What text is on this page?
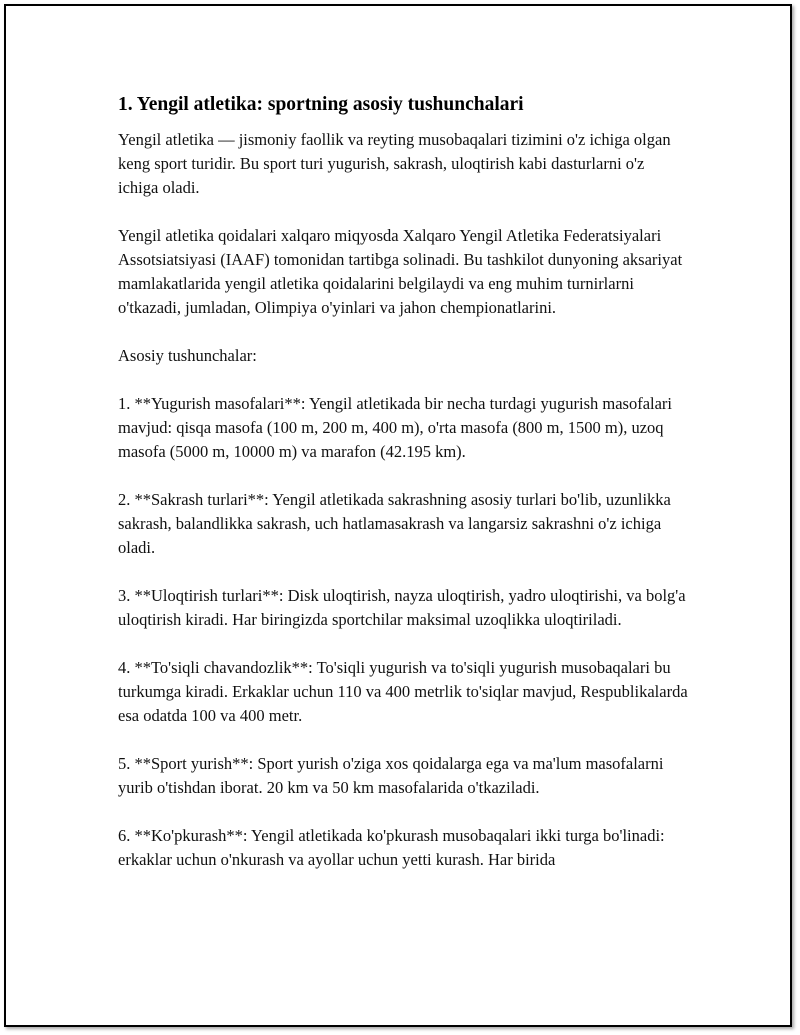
1. Yengil atletika: sportning asosiy tushunchalari

Yengil atletika — jismoniy faollik va reyting musobaqalari tizimini o'z ichiga olgan keng sport turidir. Bu sport turi yugurish, sakrash, uloqtirish kabi dasturlarni o'z ichiga oladi.

Yengil atletika qoidalari xalqaro miqyosda Xalqaro Yengil Atletika Federatsiyalari Assotsiatsiyasi (IAAF) tomonidan tartibga solinadi. Bu tashkilot dunyoning aksariyat mamlakatlarida yengil atletika qoidalarini belgilaydi va eng muhim turnirlarni o'tkazadi, jumladan, Olimpiya o'yinlari va jahon chempionatlarini.

Asosiy tushunchalar:

1. **Yugurish masofalari**: Yengil atletikada bir necha turdagi yugurish masofalari mavjud: qisqa masofa (100 m, 200 m, 400 m), o'rta masofa (800 m, 1500 m), uzoq masofa (5000 m, 10000 m) va marafon (42.195 km).

2. **Sakrash turlari**: Yengil atletikada sakrashning asosiy turlari bo'lib, uzunlikka sakrash, balandlikka sakrash, uch hatlamasakrash va langarsiz sakrashni o'z ichiga oladi.

3. **Uloqtirish turlari**: Disk uloqtirish, nayza uloqtirish, yadro uloqtirishi, va bolg'a uloqtirish kiradi. Har biringizda sportchilar maksimal uzoqlikka uloqtiriladi.

4. **To'siqli chavandozlik**: To'siqli yugurish va to'siqli yugurish musobaqalari bu turkumga kiradi. Erkaklar uchun 110 va 400 metrlik to'siqlar mavjud, Respublikalarda esa odatda 100 va 400 metr.

5. **Sport yurish**: Sport yurish o'ziga xos qoidalarga ega va ma'lum masofalarni yurib o'tishdan iborat. 20 km va 50 km masofalarida o'tkaziladi.

6. **Ko'pkurash**: Yengil atletikada ko'pkurash musobaqalari ikki turga bo'linadi: erkaklar uchun o'nkurash va ayollar uchun yetti kurash. Har birida
